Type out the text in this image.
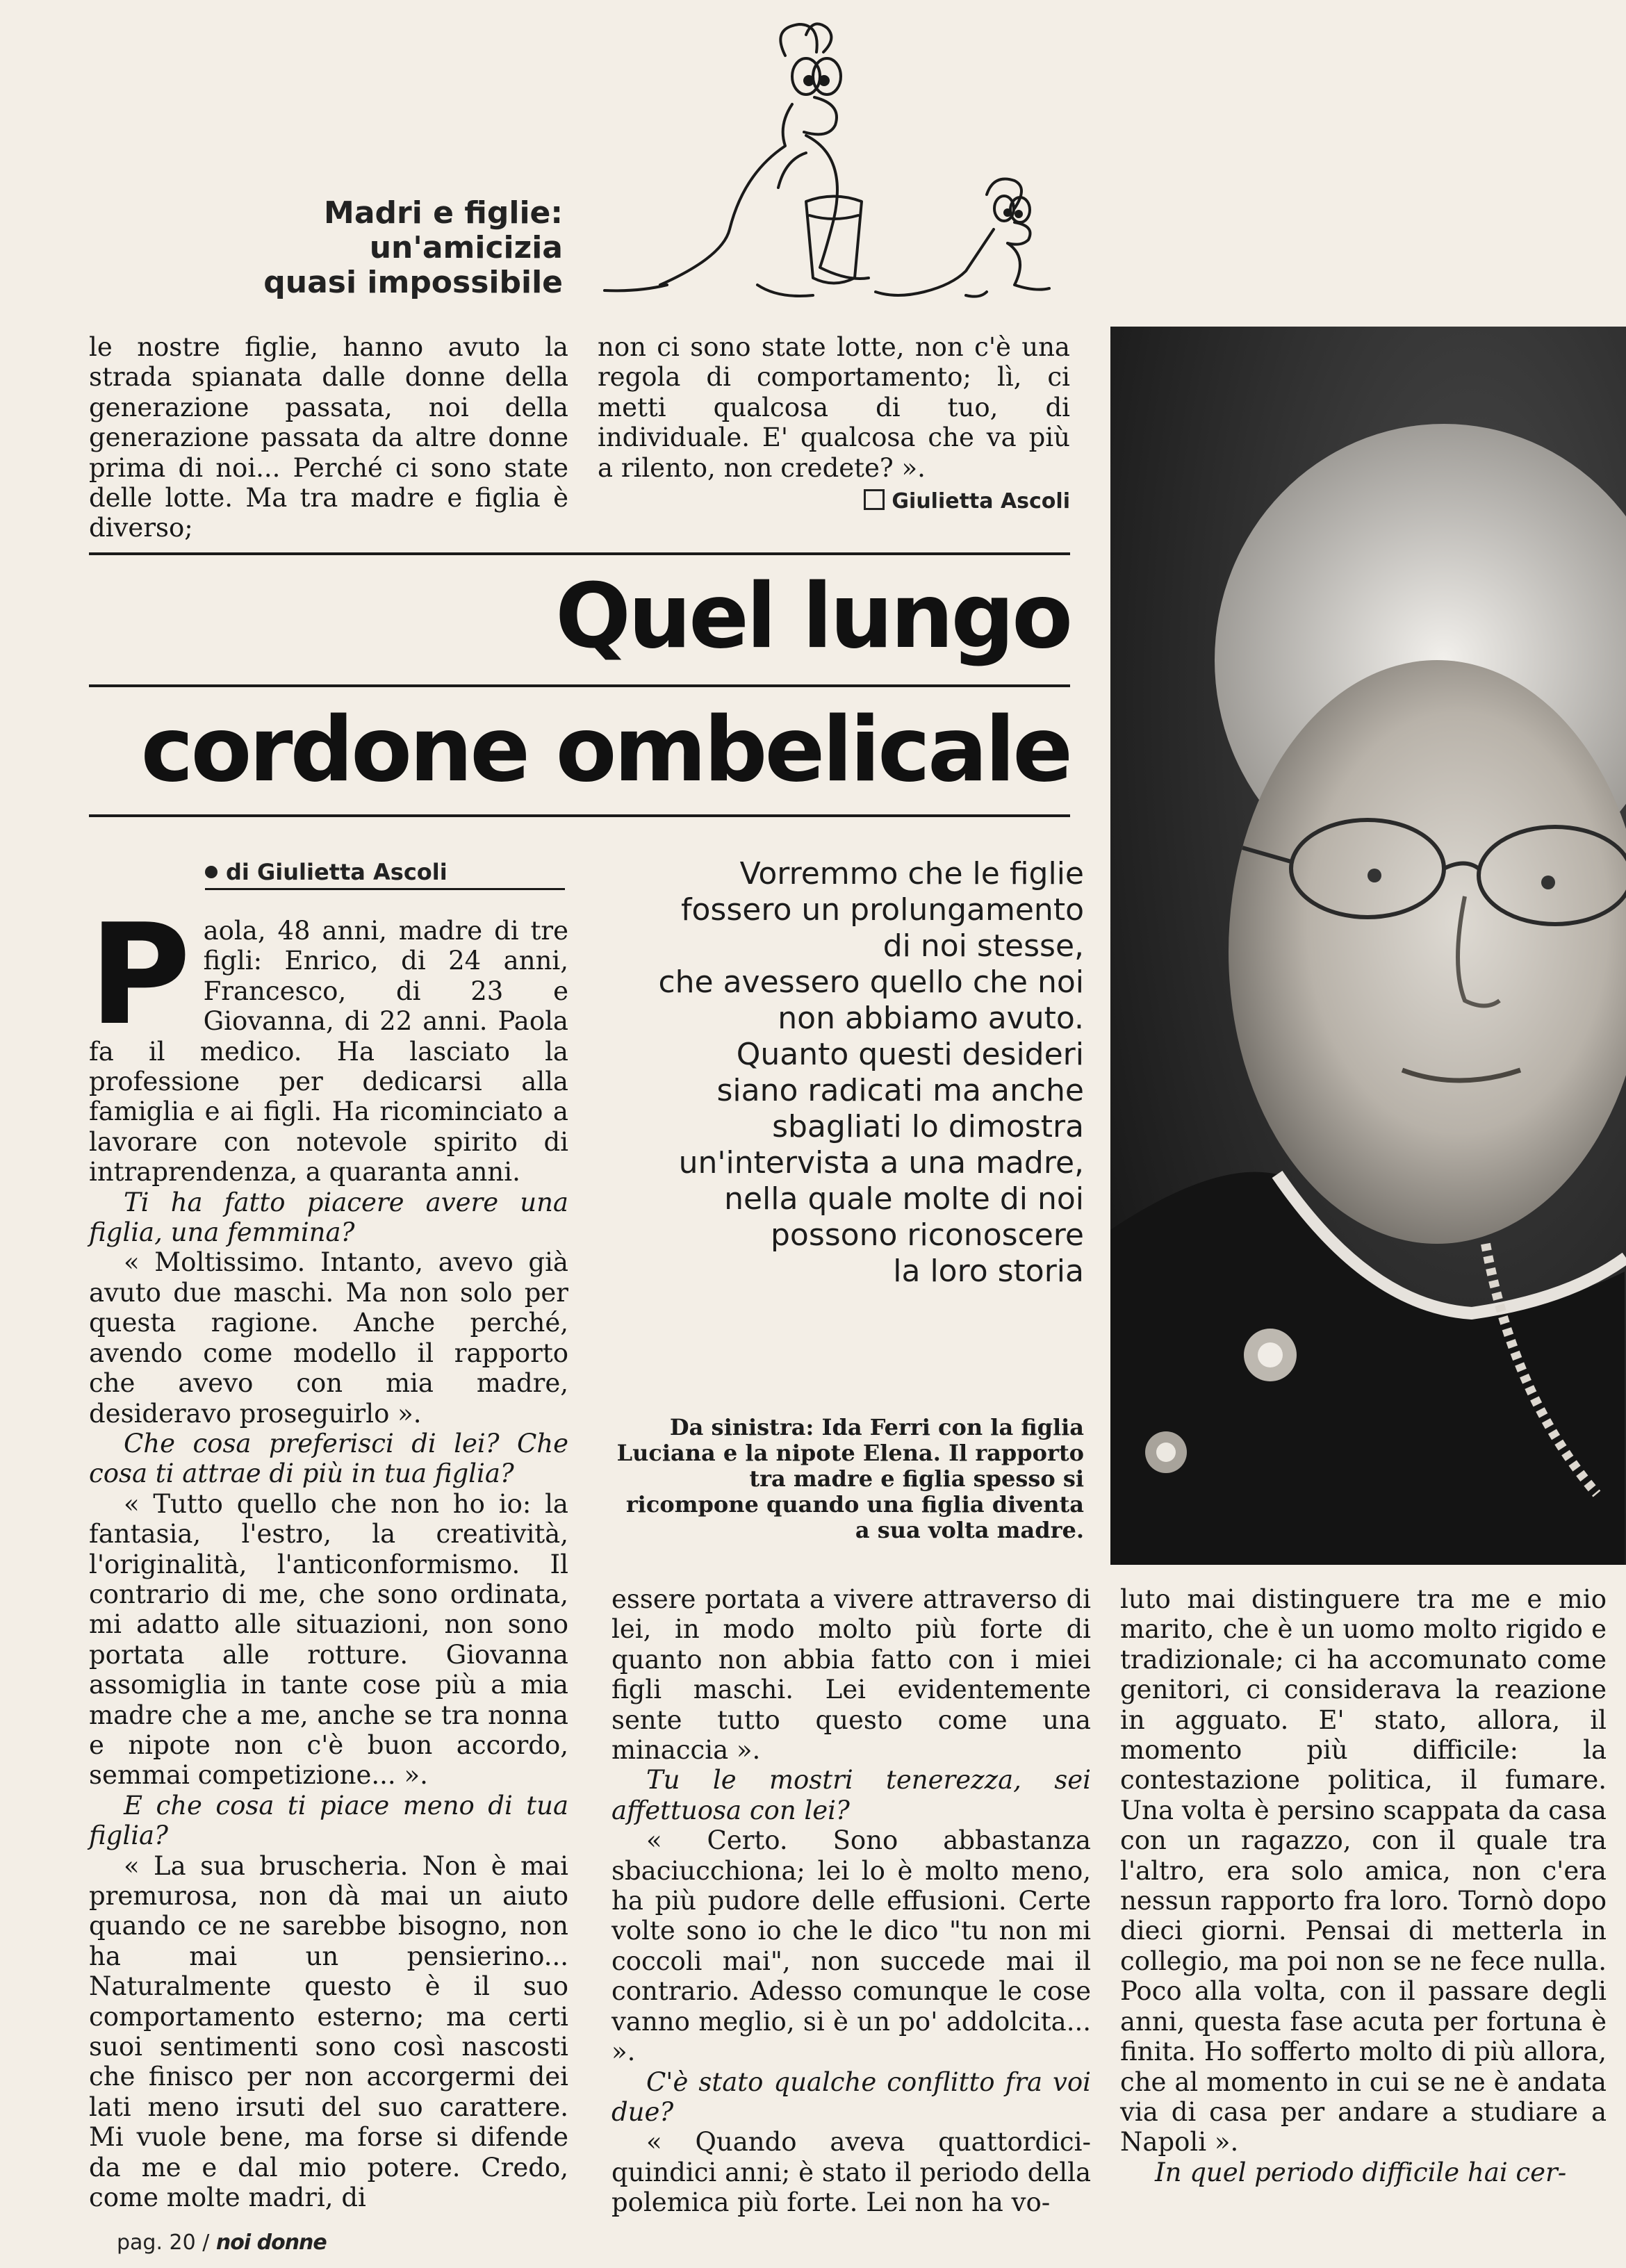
Madri e figlie:
un'amicizia
quasi impossibile

le nostre figlie, hanno avuto la strada spianata dalle donne della generazione passata, noi della generazione passata da altre donne prima di noi... Perché ci sono state delle lotte. Ma tra madre e figlia è diverso;

non ci sono state lotte, non c'è una regola di comportamento; lì, ci metti qualcosa di tuo, di individuale. E' qualcosa che va più a rilento, non credete? ».

Giulietta Ascoli
Quel lungo
cordone ombelicale
di Giulietta Ascoli	Vorremmo che le figlie
fossero un prolungamento
di noi stesse,
che avessero quello che noi
non abbiamo avuto.
Quanto questi desideri
siano radicati ma anche
sbagliati lo dimostra
un'intervista a una madre,
nella quale molte di noi
possono riconoscere
la loro storia
Da sinistra: Ida Ferri con la figlia Luciana e la nipote Elena. Il rapporto tra madre e figlia spesso si ricompone quando una figlia diventa a sua volta madre.

Paola, 48 anni, madre di tre figli: Enrico, di 24 anni, Francesco, di 23 e Giovanna, di 22 anni. Paola fa il medico. Ha lasciato la professione per dedicarsi alla famiglia e ai figli. Ha ricominciato a lavorare con notevole spirito di intraprendenza, a quaranta anni.

Ti ha fatto piacere avere una figlia, una femmina?

« Moltissimo. Intanto, avevo già avuto due maschi. Ma non solo per questa ragione. Anche perché, avendo come modello il rapporto che avevo con mia madre, desideravo proseguirlo ».

Che cosa preferisci di lei? Che cosa ti attrae di più in tua figlia?

« Tutto quello che non ho io: la fantasia, l'estro, la creatività, l'originalità, l'anticonformismo. Il contrario di me, che sono ordinata, mi adatto alle situazioni, non sono portata alle rotture. Giovanna assomiglia in tante cose più a mia madre che a me, anche se tra nonna e nipote non c'è buon accordo, semmai competizione... ».

E che cosa ti piace meno di tua figlia?

« La sua bruscheria. Non è mai premurosa, non dà mai un aiuto quando ce ne sarebbe bisogno, non ha mai un pensierino... Naturalmente questo è il suo comportamento esterno; ma certi suoi sentimenti sono così nascosti che finisco per non accorgermi dei lati meno irsuti del suo carattere. Mi vuole bene, ma forse si difende da me e dal mio potere. Credo, come molte madri, di

essere portata a vivere attraverso di lei, in modo molto più forte di quanto non abbia fatto con i miei figli maschi. Lei evidentemente sente tutto questo come una minaccia ».

Tu le mostri tenerezza, sei affettuosa con lei?

« Certo. Sono abbastanza sbaciucchiona; lei lo è molto meno, ha più pudore delle effusioni. Certe volte sono io che le dico "tu non mi coccoli mai", non succede mai il contrario. Adesso comunque le cose vanno meglio, si è un po' addolcita... ».

C'è stato qualche conflitto fra voi due?

« Quando aveva quattordici-quindici anni; è stato il periodo della polemica più forte. Lei non ha vo-

luto mai distinguere tra me e mio marito, che è un uomo molto rigido e tradizionale; ci ha accomunato come genitori, ci considerava la reazione in agguato. E' stato, allora, il momento più difficile: la contestazione politica, il fumare. Una volta è persino scappata da casa con un ragazzo, con il quale tra l'altro, era solo amica, non c'era nessun rapporto fra loro. Tornò dopo dieci giorni. Pensai di metterla in collegio, ma poi non se ne fece nulla. Poco alla volta, con il passare degli anni, questa fase acuta per fortuna è finita. Ho sofferto molto di più allora, che al momento in cui se ne è andata via di casa per andare a studiare a Napoli ».

In quel periodo difficile hai cer-

pag. 20 / noi donne
